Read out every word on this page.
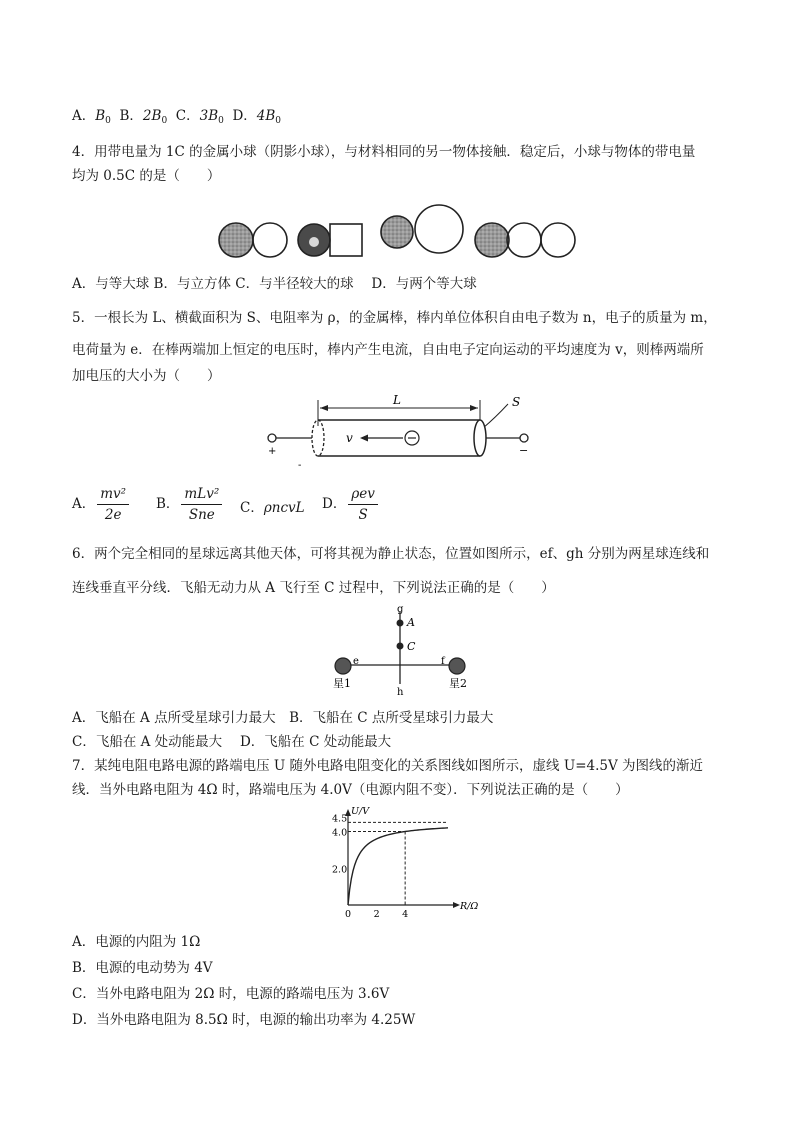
A．$B_0$ B．$2B_0$ C．$3B_0$ D．$4B_0$
4．用带电量为 1C 的金属小球（阴影小球），与材料相同的另一物体接触．稳定后，小球与物体的带电量
均为 0.5C 的是（　　）
A．与等大球 B．与立方体 C．与半径较大的球　 D．与两个等大球
5．一根长为 L、横截面积为 S、电阻率为 ρ，的金属棒，棒内单位体积自由电子数为 n，电子的质量为 m，
电荷量为 e．在棒两端加上恒定的电压时，棒内产生电流，自由电子定向运动的平均速度为 v，则棒两端所
加电压的大小为（　　）
L	S
+	−
-
v
A． $\frac{\text{mv²}}{2e}$ B． $\frac{\text{mLv²}}{\text{Sne}}$ C．ρncvL D． $\frac{\text{ρev}}{S}$
6．两个完全相同的星球远离其他天体，可将其视为静止状态，位置如图所示，ef、gh 分别为两星球连线和
连线垂直平分线．飞船无动力从 A 飞行至 C 过程中，下列说法正确的是（　　）
g
A
C
e	f
h
星1	星2
A．飞船在 A 点所受星球引力最大　B．飞船在 C 点所受星球引力最大
C．飞船在 A 处动能最大　 D．飞船在 C 处动能最大
7．某纯电阻电路电源的路端电压 U 随外电路电阻变化的关系图线如图所示，虚线 U=4.5V 为图线的渐近
线．当外电路电阻为 4Ω 时，路端电压为 4.0V（电源内阻不变）．下列说法正确的是（　　）
R/Ω
U/V
0 2 4
2.0
4.0
4.5
A．电源的内阻为 1Ω
B．电源的电动势为 4V
C．当外电路电阻为 2Ω 时，电源的路端电压为 3.6V
D．当外电路电阻为 8.5Ω 时，电源的输出功率为 4.25W
